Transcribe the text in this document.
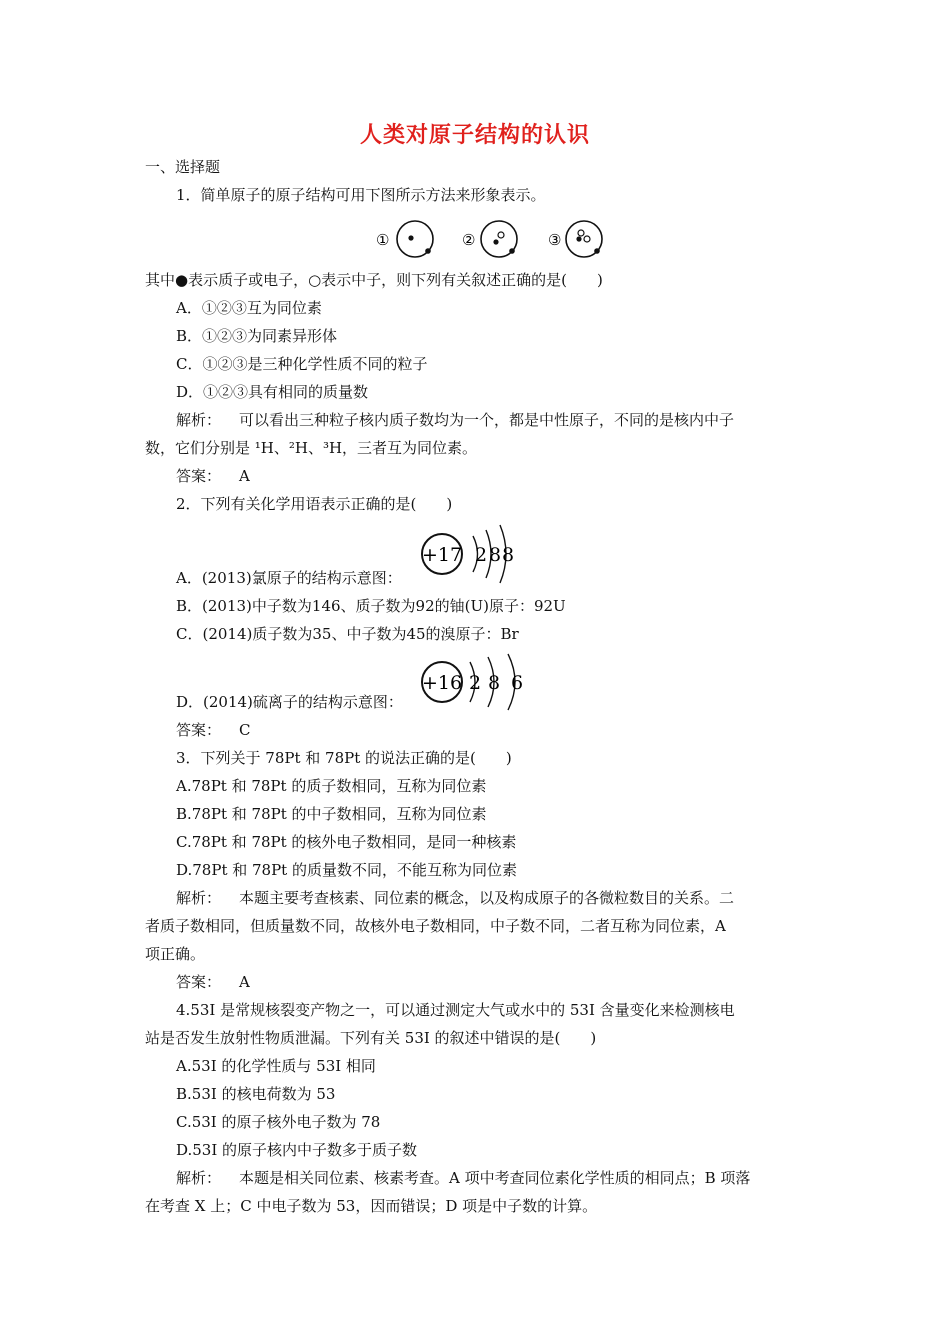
人类对原子结构的认识
一、选择题
1．简单原子的原子结构可用下图所示方法来形象表示。
①	②	③
其中●表示质子或电子，○表示中子，则下列有关叙述正确的是(　　)
A．①②③互为同位素
B．①②③为同素异形体
C．①②③是三种化学性质不同的粒子
D．①②③具有相同的质量数
解析： 可以看出三种粒子核内质子数均为一个，都是中性原子，不同的是核内中子
数，它们分别是 ¹H、²H、³H，三者互为同位素。
答案： A
2．下列有关化学用语表示正确的是(　　)
+17 2 8 8
A．(2013)氯原子的结构示意图：
B．(2013)中子数为146、质子数为92的铀(U)原子：92U
C．(2014)质子数为35、中子数为45的溴原子：Br
+16 2 8 6
D．(2014)硫离子的结构示意图：
答案： C
3．下列关于 78Pt 和 78Pt 的说法正确的是(　　)
A.78Pt 和 78Pt 的质子数相同，互称为同位素
B.78Pt 和 78Pt 的中子数相同，互称为同位素
C.78Pt 和 78Pt 的核外电子数相同，是同一种核素
D.78Pt 和 78Pt 的质量数不同，不能互称为同位素
解析： 本题主要考查核素、同位素的概念，以及构成原子的各微粒数目的关系。二
者质子数相同，但质量数不同，故核外电子数相同，中子数不同，二者互称为同位素，A
项正确。
答案： A
4.53I 是常规核裂变产物之一，可以通过测定大气或水中的 53I 含量变化来检测核电
站是否发生放射性物质泄漏。下列有关 53I 的叙述中错误的是(　　)
A.53I 的化学性质与 53I 相同
B.53I 的核电荷数为 53
C.53I 的原子核外电子数为 78
D.53I 的原子核内中子数多于质子数
解析： 本题是相关同位素、核素考查。A 项中考查同位素化学性质的相同点；B 项落
在考查 X 上；C 中电子数为 53，因而错误；D 项是中子数的计算。
